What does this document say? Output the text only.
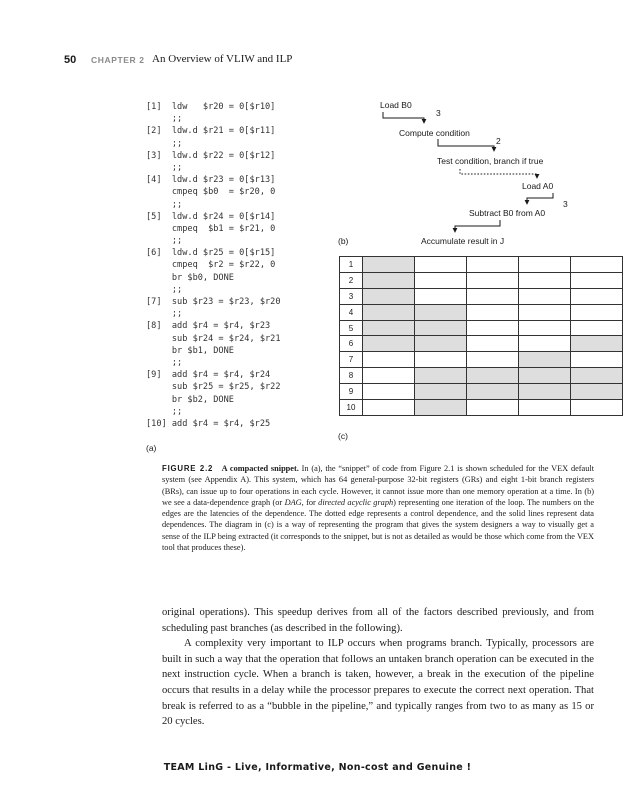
50 CHAPTER 2 An Overview of VLIW and ILP
[1]  ldw   $r20 = 0[$r10]
;;
[2]  ldw.d $r21 = 0[$r11]
;;
[3]  ldw.d $r22 = 0[$r12]
;;
[4]  ldw.d $r23 = 0[$r13]
cmpeq $b0  = $r20, 0
;;
[5]  ldw.d $r24 = 0[$r14]
cmpeq  $b1 = $r21, 0
;;
[6]  ldw.d $r25 = 0[$r15]
cmpeq  $r2 = $r22, 0
br $b0, DONE
;;
[7]  sub $r23 = $r23, $r20
;;
[8]  add $r4 = $r4, $r23
sub $r24 = $r24, $r21
br $b1, DONE
;;
[9]  add $r4 = $r4, $r24
sub $r25 = $r25, $r22
br $b2, DONE
;;
[10] add $r4 = $r4, $r25
(a)
(b)
Load B0
Compute condition
Test condition, branch if true
Load A0
Subtract B0 from A0
Accumulate result in J
3
2
3
1					
2					
3					
4					
5					
6					
7					
8					
9					
10					
(c)
FIGURE 2.2 A compacted snippet. In (a), the “snippet” of code from Figure 2.1 is shown scheduled for the VEX default system (see Appendix A). This system, which has 64 general-purpose 32-bit registers (GRs) and eight 1-bit branch registers (BRs), can issue up to four operations in each cycle. However, it cannot issue more than one memory operation at a time. In (b) we see a data-dependence graph (or DAG, for directed acyclic graph) representing one iteration of the loop. The numbers on the edges are the latencies of the dependence. The dotted edge represents a control dependence, and the solid lines represent data dependences. The diagram in (c) is a way of representing the program that gives the system designers a way to visually get a sense of the ILP being extracted (it corresponds to the snippet, but is not as detailed as would be those which come from the VEX tool that produces these).

original operations). This speedup derives from all of the factors described previously, and from scheduling past branches (as described in the following).

A complexity very important to ILP occurs when programs branch. Typically, processors are built in such a way that the operation that follows an untaken branch operation can be executed in the next instruction cycle. When a branch is taken, however, a break in the execution of the pipeline occurs that results in a delay while the processor prepares to execute the correct next operation. That break is referred to as a “bubble in the pipeline,” and typically ranges from two to as many as 15 or 20 cycles.

TEAM LinG - Live, Informative, Non-cost and Genuine !
